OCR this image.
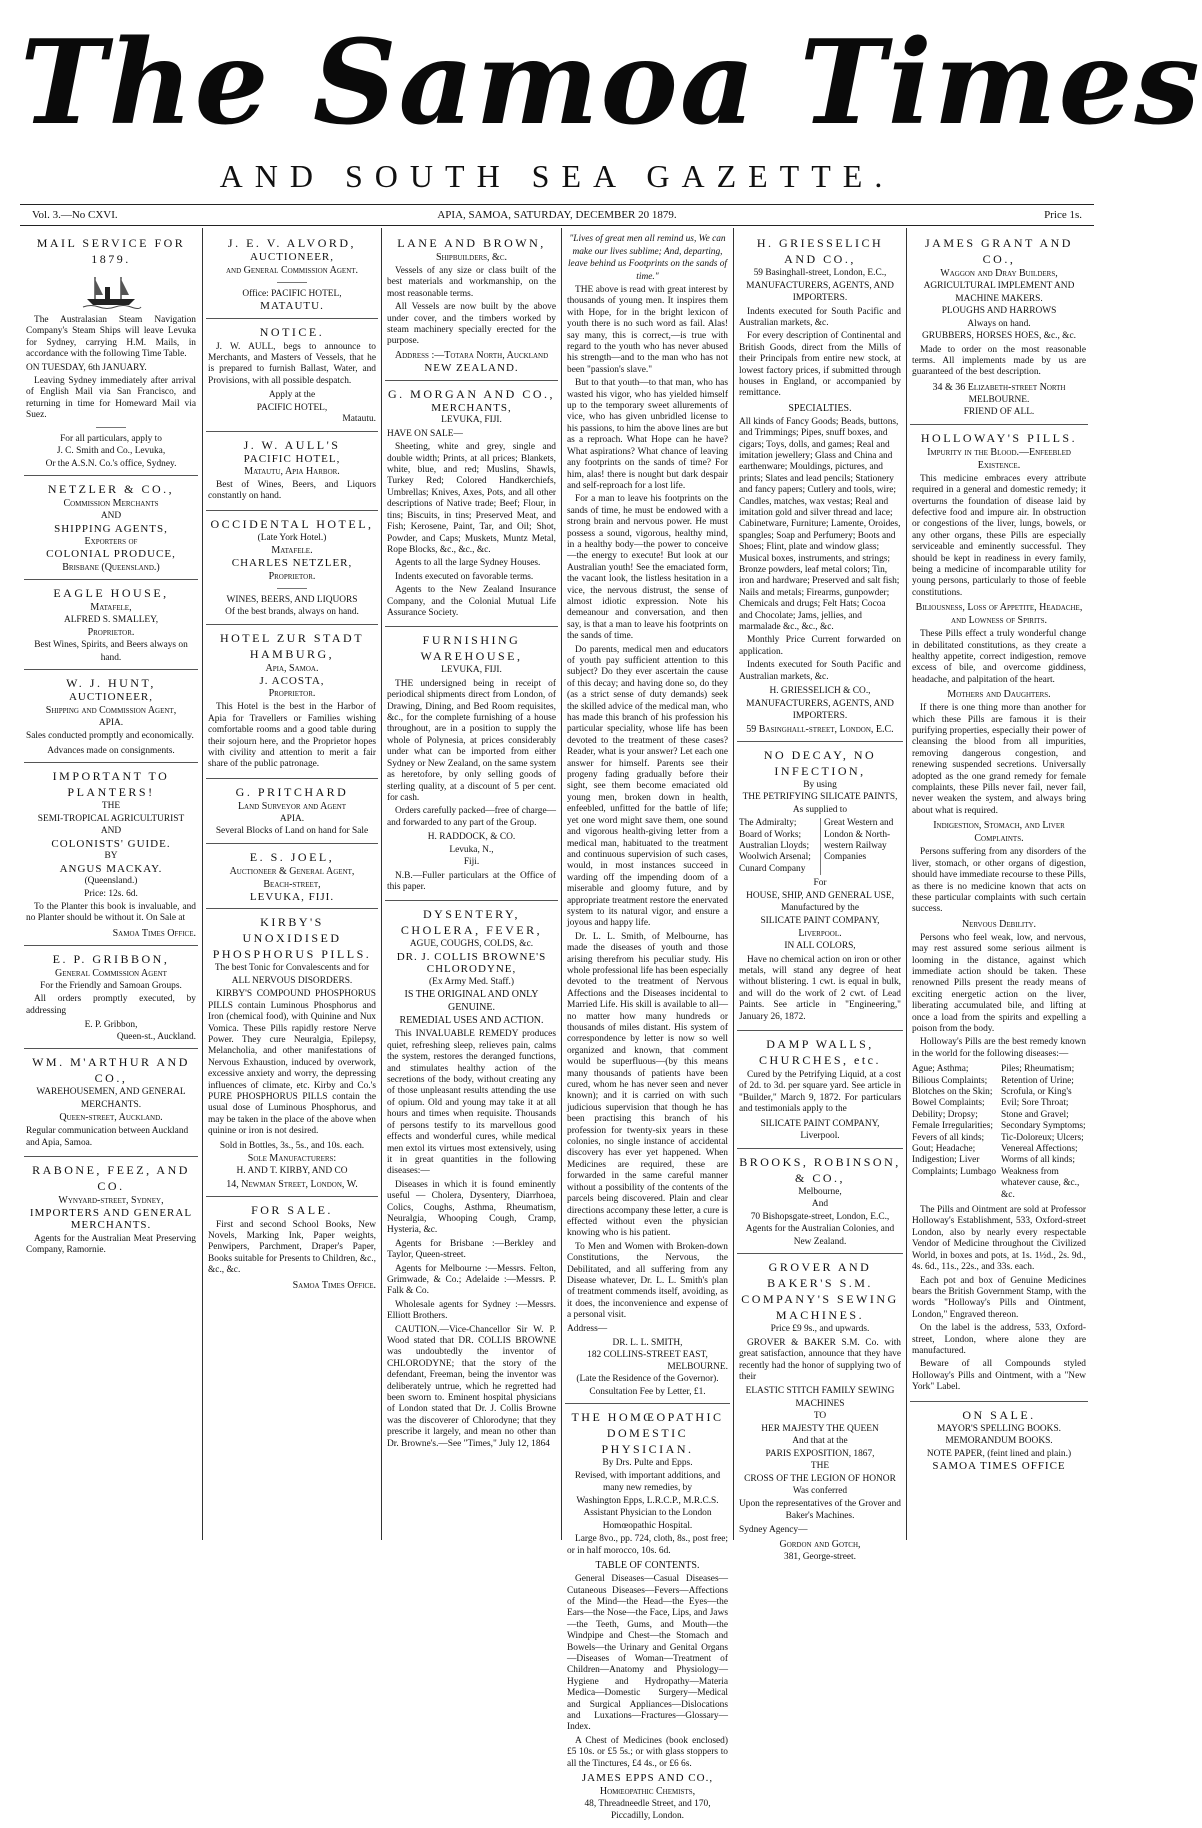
The Samoa Times
AND SOUTH SEA GAZETTE.
Vol. 3.—No CXVI.	APIA, SAMOA, SATURDAY, DECEMBER 20 1879.	Price 1s.
MAIL SERVICE FOR 1879.
The Australasian Steam Navigation Company's Steam Ships will leave Levuka for Sydney, carrying H.M. Mails, in accordance with the following Time Table.
ON TUESDAY, 6th JANUARY.
Leaving Sydney immediately after arrival of English Mail via San Francisco, and returning in time for Homeward Mail via Suez.
For all particulars, apply to
J. C. Smith and Co., Levuka,
Or the A.S.N. Co.'s office, Sydney.
NETZLER & CO.,
Commission Merchants
AND
SHIPPING AGENTS,
Exporters of
COLONIAL PRODUCE,
Brisbane (Queensland.)
EAGLE HOUSE,
Matafele,
ALFRED S. SMALLEY,
Proprietor.
Best Wines, Spirits, and Beers always on hand.
W. J. HUNT,
AUCTIONEER,
Shipping and Commission Agent,
APIA.
Sales conducted promptly and economically.
Advances made on consignments.
IMPORTANT TO PLANTERS!
THE
SEMI-TROPICAL AGRICULTURIST
AND
COLONISTS' GUIDE.
BY
ANGUS MACKAY.
(Queensland.)
Price: 12s. 6d.
To the Planter this book is invaluable, and no Planter should be without it. On Sale at
Samoa Times Office.
E. P. GRIBBON,
General Commission Agent
For the Friendly and Samoan Groups.
All orders promptly executed, by addressing
E. P. Gribbon,
Queen-st., Auckland.
WM. M'ARTHUR AND CO.,
WAREHOUSEMEN, AND GENERAL
MERCHANTS.
Queen-street, Auckland.
Regular communication between Auckland and Apia, Samoa.
RABONE, FEEZ, AND CO.
Wynyard-street, Sydney,
IMPORTERS AND GENERAL MERCHANTS.
Agents for the Australian Meat Preserving Company, Ramornie.
J. E. V. ALVORD,
AUCTIONEER,
and General Commission Agent.
Office: PACIFIC HOTEL,
MATAUTU.
NOTICE.
J. W. AULL, begs to announce to Merchants, and Masters of Vessels, that he is prepared to furnish Ballast, Water, and Provisions, with all possible despatch.
Apply at the
PACIFIC HOTEL,
Matautu.
J. W. AULL'S
PACIFIC HOTEL,
Matautu, Apia Harbor.
Best of Wines, Beers, and Liquors constantly on hand.
OCCIDENTAL HOTEL,
(Late York Hotel.)
Matafele.
CHARLES NETZLER,
Proprietor.
WINES, BEERS, AND LIQUORS
Of the best brands, always on hand.
HOTEL ZUR STADT HAMBURG,
Apia, Samoa.
J. ACOSTA,
Proprietor.
This Hotel is the best in the Harbor of Apia for Travellers or Families wishing comfortable rooms and a good table during their sojourn here, and the Proprietor hopes with civility and attention to merit a fair share of the public patronage.
G. PRITCHARD
Land Surveyor and Agent
APIA.
Several Blocks of Land on hand for Sale
E. S. JOEL,
Auctioneer & General Agent,
Beach-street,
LEVUKA, FIJI.
KIRBY'S UNOXIDISED PHOSPHORUS PILLS.
The best Tonic for Convalescents and for
ALL NERVOUS DISORDERS.
KIRBY'S COMPOUND PHOSPHORUS PILLS contain Luminous Phosphorus and Iron (chemical food), with Quinine and Nux Vomica. These Pills rapidly restore Nerve Power. They cure Neuralgia, Epilepsy, Melancholia, and other manifestations of Nervous Exhaustion, induced by overwork, excessive anxiety and worry, the depressing influences of climate, etc. Kirby and Co.'s PURE PHOSPHORUS PILLS contain the usual dose of Luminous Phosphorus, and may be taken in the place of the above when quinine or iron is not desired.
Sold in Bottles, 3s., 5s., and 10s. each.
Sole Manufacturers:
H. AND T. KIRBY, AND CO
14, Newman Street, London, W.
FOR SALE.
First and second School Books, New Novels, Marking Ink, Paper weights, Penwipers, Parchment, Draper's Paper, Books suitable for Presents to Children, &c., &c., &c.
Samoa Times Office.
LANE AND BROWN,
Shipbuilders, &c.
Vessels of any size or class built of the best materials and workmanship, on the most reasonable terms.
All Vessels are now built by the above under cover, and the timbers worked by steam machinery specially erected for the purpose.
Address :—Totara North, Auckland
NEW ZEALAND.
G. MORGAN AND CO.,
MERCHANTS,
LEVUKA, FIJI.
HAVE ON SALE—
Sheeting, white and grey, single and double width; Prints, at all prices; Blankets, white, blue, and red; Muslins, Shawls, Turkey Red; Colored Handkerchiefs, Umbrellas; Knives, Axes, Pots, and all other descriptions of Native trade; Beef; Flour, in tins; Biscuits, in tins; Preserved Meat, and Fish; Kerosene, Paint, Tar, and Oil; Shot, Powder, and Caps; Muskets, Muntz Metal, Rope Blocks, &c., &c., &c.
Agents to all the large Sydney Houses.
Indents executed on favorable terms.
Agents to the New Zealand Insurance Company, and the Colonial Mutual Life Assurance Society.
FURNISHING WAREHOUSE,
LEVUKA, FIJI.
THE undersigned being in receipt of periodical shipments direct from London, of Drawing, Dining, and Bed Room requisites, &c., for the complete furnishing of a house throughout, are in a position to supply the whole of Polynesia, at prices considerably under what can be imported from either Sydney or New Zealand, on the same system as heretofore, by only selling goods of sterling quality, at a discount of 5 per cent. for cash.
Orders carefully packed—free of charge—and forwarded to any part of the Group.
H. RADDOCK, & CO.
Levuka, N.,
Fiji.
N.B.—Fuller particulars at the Office of this paper.
DYSENTERY, CHOLERA, FEVER,
AGUE, COUGHS, COLDS, &c.
DR. J. COLLIS BROWNE'S CHLORODYNE,
(Ex Army Med. Staff.)
IS THE ORIGINAL AND ONLY GENUINE.
REMEDIAL USES AND ACTION.
This INVALUABLE REMEDY produces quiet, refreshing sleep, relieves pain, calms the system, restores the deranged functions, and stimulates healthy action of the secretions of the body, without creating any of those unpleasant results attending the use of opium. Old and young may take it at all hours and times when requisite. Thousands of persons testify to its marvellous good effects and wonderful cures, while medical men extol its virtues most extensively, using it in great quantities in the following diseases:—
Diseases in which it is found eminently useful — Cholera, Dysentery, Diarrhoea, Colics, Coughs, Asthma, Rheumatism, Neuralgia, Whooping Cough, Cramp, Hysteria, &c.
Agents for Brisbane :—Berkley and Taylor, Queen-street.
Agents for Melbourne :—Messrs. Felton, Grimwade, & Co.; Adelaide :—Messrs. P. Falk & Co.
Wholesale agents for Sydney :—Messrs. Elliott Brothers.
CAUTION.—Vice-Chancellor Sir W. P. Wood stated that DR. COLLIS BROWNE was undoubtedly the inventor of CHLORODYNE; that the story of the defendant, Freeman, being the inventor was deliberately untrue, which he regretted had been sworn to. Eminent hospital physicians of London stated that Dr. J. Collis Browne was the discoverer of Chlorodyne; that they prescribe it largely, and mean no other than Dr. Browne's.—See "Times," July 12, 1864
"Lives of great men all remind us, We can make our lives sublime; And, departing, leave behind us Footprints on the sands of time."
THE above is read with great interest by thousands of young men. It inspires them with Hope, for in the bright lexicon of youth there is no such word as fail. Alas! say many, this is correct,—is true with regard to the youth who has never abused his strength—and to the man who has not been "passion's slave."
But to that youth—to that man, who has wasted his vigor, who has yielded himself up to the temporary sweet allurements of vice, who has given unbridled license to his passions, to him the above lines are but as a reproach. What Hope can he have? What aspirations? What chance of leaving any footprints on the sands of time? For him, alas! there is nought but dark despair and self-reproach for a lost life.
For a man to leave his footprints on the sands of time, he must be endowed with a strong brain and nervous power. He must possess a sound, vigorous, healthy mind, in a healthy body—the power to conceive—the energy to execute! But look at our Australian youth! See the emaciated form, the vacant look, the listless hesitation in a vice, the nervous distrust, the sense of almost idiotic expression. Note his demeanour and conversation, and then say, is that a man to leave his footprints on the sands of time.
Do parents, medical men and educators of youth pay sufficient attention to this subject? Do they ever ascertain the cause of this decay; and having done so, do they (as a strict sense of duty demands) seek the skilled advice of the medical man, who has made this branch of his profession his particular speciality, whose life has been devoted to the treatment of these cases? Reader, what is your answer? Let each one answer for himself. Parents see their progeny fading gradually before their sight, see them become emaciated old young men, broken down in health, enfeebled, unfitted for the battle of life; yet one word might save them, one sound and vigorous health-giving letter from a medical man, habituated to the treatment and continuous supervision of such cases, would, in most instances succeed in warding off the impending doom of a miserable and gloomy future, and by appropriate treatment restore the enervated system to its natural vigor, and ensure a joyous and happy life.
Dr. L. L. Smith, of Melbourne, has made the diseases of youth and those arising therefrom his peculiar study. His whole professional life has been especially devoted to the treatment of Nervous Affections and the Diseases incidental to Married Life. His skill is available to all—no matter how many hundreds or thousands of miles distant. His system of correspondence by letter is now so well organized and known, that comment would be superfluous—(by this means many thousands of patients have been cured, whom he has never seen and never known); and it is carried on with such judicious supervision that though he has been practising this branch of his profession for twenty-six years in these colonies, no single instance of accidental discovery has ever yet happened. When Medicines are required, these are forwarded in the same careful manner without a possibility of the contents of the parcels being discovered. Plain and clear directions accompany these letter, a cure is effected without even the physician knowing who is his patient.
To Men and Women with Broken-down Constitutions, the Nervous, the Debilitated, and all suffering from any Disease whatever, Dr. L. L. Smith's plan of treatment commends itself, avoiding, as it does, the inconvenience and expense of a personal visit.
Address—
DR. L. L. SMITH,
182 COLLINS-STREET EAST,
MELBOURNE.
(Late the Residence of the Governor).
Consultation Fee by Letter, £1.
THE HOMŒOPATHIC DOMESTIC PHYSICIAN.
By Drs. Pulte and Epps.
Revised, with important additions, and many new remedies, by
Washington Epps, L.R.C.P., M.R.C.S.
Assistant Physician to the London Homœopathic Hospital.
Large 8vo., pp. 724, cloth, 8s., post free; or in half morocco, 10s. 6d.
TABLE OF CONTENTS.
General Diseases—Casual Diseases—Cutaneous Diseases—Fevers—Affections of the Mind—the Head—the Eyes—the Ears—the Nose—the Face, Lips, and Jaws—the Teeth, Gums, and Mouth—the Windpipe and Chest—the Stomach and Bowels—the Urinary and Genital Organs—Diseases of Woman—Treatment of Children—Anatomy and Physiology—Hygiene and Hydropathy—Materia Medica—Domestic Surgery—Medical and Surgical Appliances—Dislocations and Luxations—Fractures—Glossary—Index.
A Chest of Medicines (book enclosed) £5 10s. or £5 5s.; or with glass stoppers to all the Tinctures, £4 4s., or £6 6s.
JAMES EPPS AND CO.,
Homœopathic Chemists,
48, Threadneedle Street, and 170, Piccadilly, London.
H. GRIESSELICH AND CO.,
59 Basinghall-street, London, E.C.,
MANUFACTURERS, AGENTS, AND IMPORTERS.
Indents executed for South Pacific and Australian markets, &c.
For every description of Continental and British Goods, direct from the Mills of their Principals from entire new stock, at lowest factory prices, if submitted through houses in England, or accompanied by remittance.
SPECIALTIES.
All kinds of Fancy Goods; Beads, buttons, and Trimmings; Pipes, snuff boxes, and cigars; Toys, dolls, and games; Real and imitation jewellery; Glass and China and earthenware; Mouldings, pictures, and prints; Slates and lead pencils; Stationery and fancy papers; Cutlery and tools, wire; Candles, matches, wax vestas; Real and imitation gold and silver thread and lace; Cabinetware, Furniture; Lamente, Oroides, spangles; Soap and Perfumery; Boots and Shoes; Flint, plate and window glass; Musical boxes, instruments, and strings; Bronze powders, leaf metal colors; Tin, iron and hardware; Preserved and salt fish; Nails and metals; Firearms, gunpowder; Chemicals and drugs; Felt Hats; Cocoa and Chocolate; Jams, jellies, and marmalade &c., &c., &c.
Monthly Price Current forwarded on application.
Indents executed for South Pacific and Australian markets, &c.
H. GRIESSELICH & CO.,
MANUFACTURERS, AGENTS, AND IMPORTERS.
59 Basinghall-street, London, E.C.
NO DECAY, NO INFECTION,
By using
THE PETRIFYING SILICATE PAINTS,
As supplied to
The Admiralty; Board of Works; Australian Lloyds; Woolwich Arsenal; Cunard Company
Great Western and London & North-western Railway Companies
For
HOUSE, SHIP, AND GENERAL USE,
Manufactured by the
SILICATE PAINT COMPANY,
Liverpool.
IN ALL COLORS,
Have no chemical action on iron or other metals, will stand any degree of heat without blistering. 1 cwt. is equal in bulk, and will do the work of 2 cwt. of Lead Paints. See article in "Engineering," January 26, 1872.
DAMP WALLS, CHURCHES, etc.
Cured by the Petrifying Liquid, at a cost of 2d. to 3d. per square yard. See article in "Builder," March 9, 1872. For particulars and testimonials apply to the
SILICATE PAINT COMPANY,
Liverpool.
BROOKS, ROBINSON, & CO.,
Melbourne,
And
70 Bishopsgate-street, London, E.C.,
Agents for the Australian Colonies, and New Zealand.
GROVER AND BAKER'S S.M. COMPANY'S SEWING MACHINES.
Price £9 9s., and upwards.
GROVER & BAKER S.M. Co. with great satisfaction, announce that they have recently had the honor of supplying two of their
ELASTIC STITCH FAMILY SEWING MACHINES
TO
HER MAJESTY THE QUEEN
And that at the
PARIS EXPOSITION, 1867,
THE
CROSS OF THE LEGION OF HONOR
Was conferred
Upon the representatives of the Grover and Baker's Machines.
Sydney Agency—
Gordon and Gotch,
381, George-street.
JAMES GRANT AND CO.,
Waggon and Dray Builders,
AGRICULTURAL IMPLEMENT AND
MACHINE MAKERS.
PLOUGHS AND HARROWS
Always on hand.
GRUBBERS, HORSES HOES, &c., &c.
Made to order on the most reasonable terms. All implements made by us are guaranteed of the best description.
34 & 36 Elizabeth-street North
MELBOURNE.
FRIEND OF ALL.
HOLLOWAY'S PILLS.
Impurity in the Blood.—Enfeebled Existence.
This medicine embraces every attribute required in a general and domestic remedy; it overturns the foundation of disease laid by defective food and impure air. In obstruction or congestions of the liver, lungs, bowels, or any other organs, these Pills are especially serviceable and eminently successful. They should be kept in readiness in every family, being a medicine of incomparable utility for young persons, particularly to those of feeble constitutions.
Biliousness, Loss of Appetite, Headache, and Lowness of Spirits.
These Pills effect a truly wonderful change in debilitated constitutions, as they create a healthy appetite, correct indigestion, remove excess of bile, and overcome giddiness, headache, and palpitation of the heart.
Mothers and Daughters.
If there is one thing more than another for which these Pills are famous it is their purifying properties, especially their power of cleansing the blood from all impurities, removing dangerous congestion, and renewing suspended secretions. Universally adopted as the one grand remedy for female complaints, these Pills never fail, never fail, never weaken the system, and always bring about what is required.
Indigestion, Stomach, and Liver Complaints.
Persons suffering from any disorders of the liver, stomach, or other organs of digestion, should have immediate recourse to these Pills, as there is no medicine known that acts on these particular complaints with such certain success.
Nervous Debility.
Persons who feel weak, low, and nervous, may rest assured some serious ailment is looming in the distance, against which immediate action should be taken. These renowned Pills present the ready means of exciting energetic action on the liver, liberating accumulated bile, and lifting at once a load from the spirits and expelling a poison from the body.
Holloway's Pills are the best remedy known in the world for the following diseases:—
Ague; Asthma; Bilious Complaints; Blotches on the Skin; Bowel Complaints; Debility; Dropsy; Female Irregularities; Fevers of all kinds; Gout; Headache; Indigestion; Liver Complaints; Lumbago
Piles; Rheumatism; Retention of Urine; Scrofula, or King's Evil; Sore Throat; Stone and Gravel; Secondary Symptoms; Tic-Doloreux; Ulcers; Venereal Affections; Worms of all kinds; Weakness from whatever cause, &c., &c.
The Pills and Ointment are sold at Professor Holloway's Establishment, 533, Oxford-street London, also by nearly every respectable Vendor of Medicine throughout the Civilized World, in boxes and pots, at 1s. 1½d., 2s. 9d., 4s. 6d., 11s., 22s., and 33s. each.
Each pot and box of Genuine Medicines bears the British Government Stamp, with the words "Holloway's Pills and Ointment, London," Engraved thereon.
On the label is the address, 533, Oxford-street, London, where alone they are manufactured.
Beware of all Compounds styled Holloway's Pills and Ointment, with a "New York" Label.
ON SALE.
MAYOR'S SPELLING BOOKS.
MEMORANDUM BOOKS.
NOTE PAPER, (feint lined and plain.)
SAMOA TIMES OFFICE
